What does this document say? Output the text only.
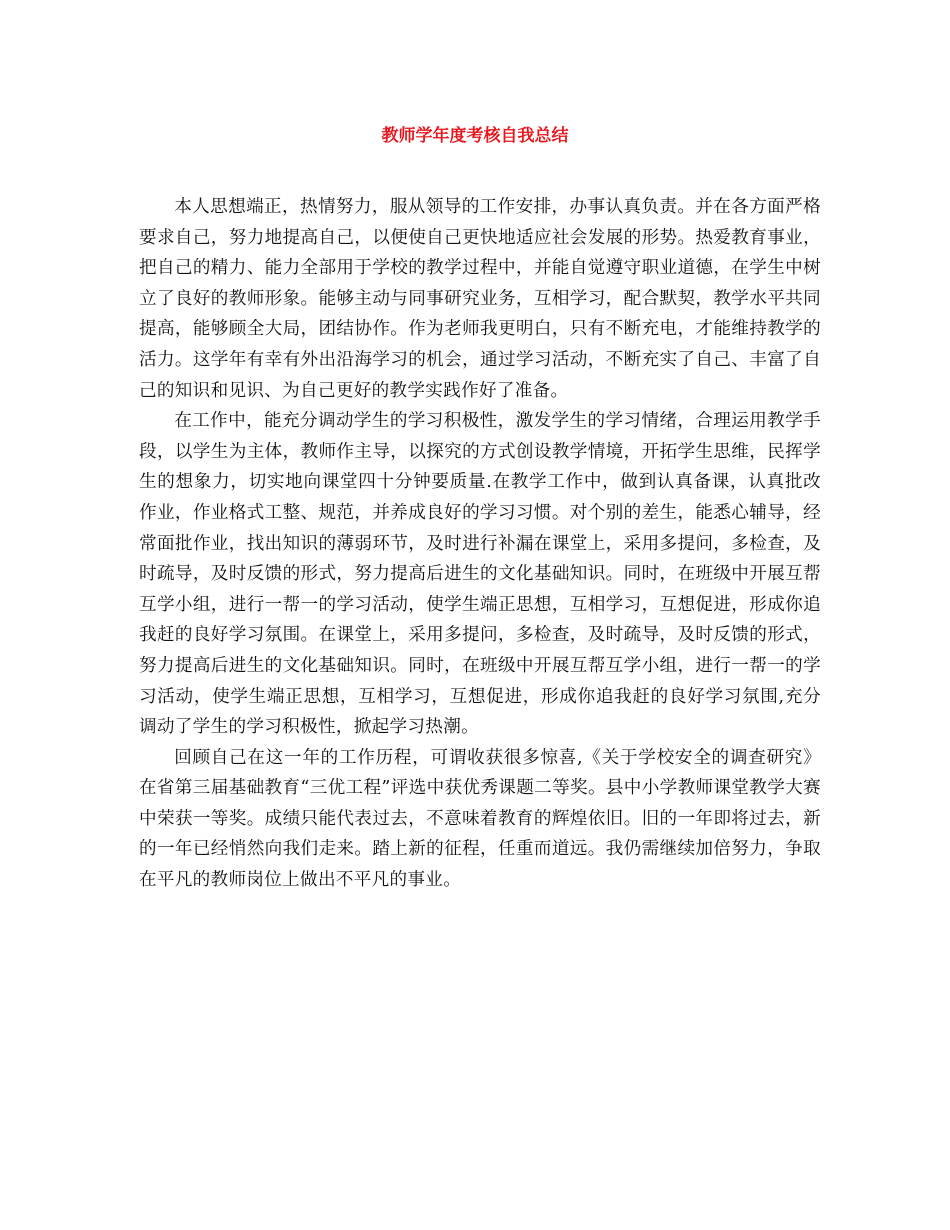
教师学年度考核自我总结

本人思想端正，热情努力，服从领导的工作安排，办事认真负责。并在各方面严格要求自己，努力地提高自己，以便使自己更快地适应社会发展的形势。热爱教育事业，把自己的精力、能力全部用于学校的教学过程中，并能自觉遵守职业道德，在学生中树立了良好的教师形象。能够主动与同事研究业务，互相学习，配合默契，教学水平共同提高，能够顾全大局，团结协作。作为老师我更明白，只有不断充电，才能维持教学的活力。这学年有幸有外出沿海学习的机会，通过学习活动，不断充实了自己、丰富了自己的知识和见识、为自己更好的教学实践作好了准备。

在工作中，能充分调动学生的学习积极性，激发学生的学习情绪，合理运用教学手段，以学生为主体，教师作主导，以探究的方式创设教学情境，开拓学生思维，民挥学生的想象力，切实地向课堂四十分钟要质量.在教学工作中，做到认真备课，认真批改作业，作业格式工整、规范，并养成良好的学习习惯。对个别的差生，能悉心辅导，经常面批作业，找出知识的薄弱环节，及时进行补漏在课堂上，采用多提问，多检查，及时疏导，及时反馈的形式，努力提高后进生的文化基础知识。同时，在班级中开展互帮互学小组，进行一帮一的学习活动，使学生端正思想，互相学习，互想促进，形成你追我赶的良好学习氛围。在课堂上，采用多提问，多检查，及时疏导，及时反馈的形式，努力提高后进生的文化基础知识。同时，在班级中开展互帮互学小组，进行一帮一的学习活动，使学生端正思想，互相学习，互想促进，形成你追我赶的良好学习氛围,充分调动了学生的学习积极性，掀起学习热潮。

回顾自己在这一年的工作历程，可谓收获很多惊喜,《关于学校安全的调查研究》在省第三届基础教育“三优工程”评选中获优秀课题二等奖。县中小学教师课堂教学大赛中荣获一等奖。成绩只能代表过去，不意味着教育的辉煌依旧。旧的一年即将过去，新的一年已经悄然向我们走来。踏上新的征程，任重而道远。我仍需继续加倍努力，争取在平凡的教师岗位上做出不平凡的事业。
